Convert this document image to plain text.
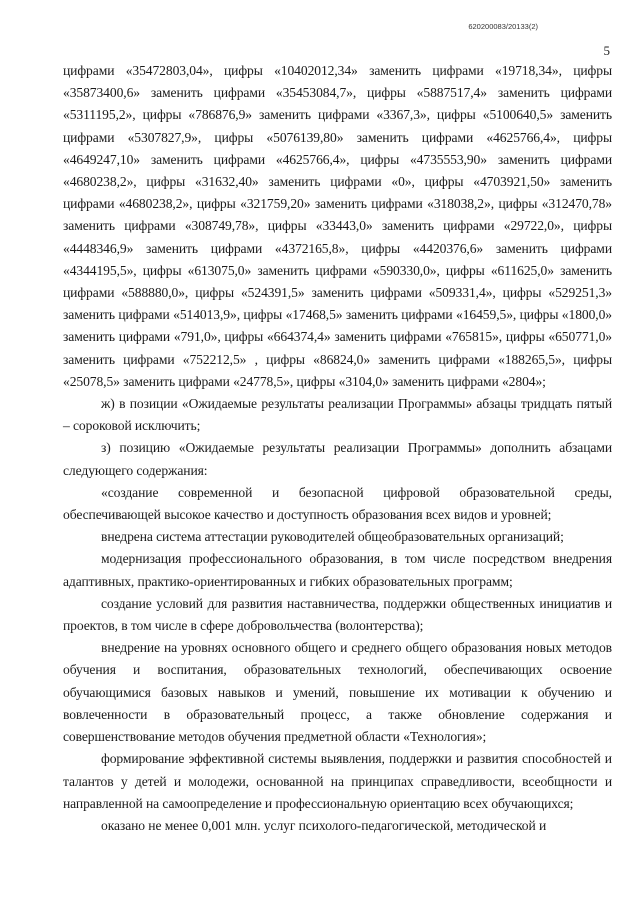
620200083/20133(2)
5

цифрами «35472803,04», цифры «10402012,34» заменить цифрами «19718,34», цифры «35873400,6» заменить цифрами «35453084,7», цифры «5887517,4» заменить цифрами «5311195,2», цифры «786876,9» заменить цифрами «3367,3», цифры «5100640,5» заменить цифрами «5307827,9», цифры «5076139,80» заменить цифрами «4625766,4», цифры «4649247,10» заменить цифрами «4625766,4», цифры «4735553,90» заменить цифрами «4680238,2», цифры «31632,40» заменить цифрами «0», цифры «4703921,50» заменить цифрами «4680238,2», цифры «321759,20» заменить цифрами «318038,2», цифры «312470,78» заменить цифрами «308749,78», цифры «33443,0» заменить цифрами «29722,0», цифры «4448346,9» заменить цифрами «4372165,8», цифры «4420376,6» заменить цифрами «4344195,5», цифры «613075,0» заменить цифрами «590330,0», цифры «611625,0» заменить цифрами «588880,0», цифры «524391,5» заменить цифрами «509331,4», цифры «529251,3» заменить цифрами «514013,9», цифры «17468,5» заменить цифрами «16459,5», цифры «1800,0» заменить цифрами «791,0», цифры «664374,4» заменить цифрами «765815», цифры «650771,0» заменить цифрами «752212,5» , цифры «86824,0» заменить цифрами «188265,5», цифры «25078,5» заменить цифрами «24778,5», цифры «3104,0» заменить цифрами «2804»;

ж) в позиции «Ожидаемые результаты реализации Программы» абзацы тридцать пятый – сороковой исключить;

з) позицию «Ожидаемые результаты реализации Программы» дополнить абзацами следующего содержания:

«создание современной и безопасной цифровой образовательной среды, обеспечивающей высокое качество и доступность образования всех видов и уровней;

внедрена система аттестации руководителей общеобразовательных организаций;

модернизация профессионального образования, в том числе посредством внедрения адаптивных, практико-ориентированных и гибких образовательных программ;

создание условий для развития наставничества, поддержки общественных инициатив и проектов, в том числе в сфере добровольчества (волонтерства);

внедрение на уровнях основного общего и среднего общего образования новых методов обучения и воспитания, образовательных технологий, обеспечивающих освоение обучающимися базовых навыков и умений, повышение их мотивации к обучению и вовлеченности в образовательный процесс, а также обновление содержания и совершенствование методов обучения предметной области «Технология»;

формирование эффективной системы выявления, поддержки и развития способностей и талантов у детей и молодежи, основанной на принципах справедливости, всеобщности и направленной на самоопределение и профессиональную ориентацию всех обучающихся;

оказано не менее 0,001 млн. услуг психолого-педагогической, методической и
